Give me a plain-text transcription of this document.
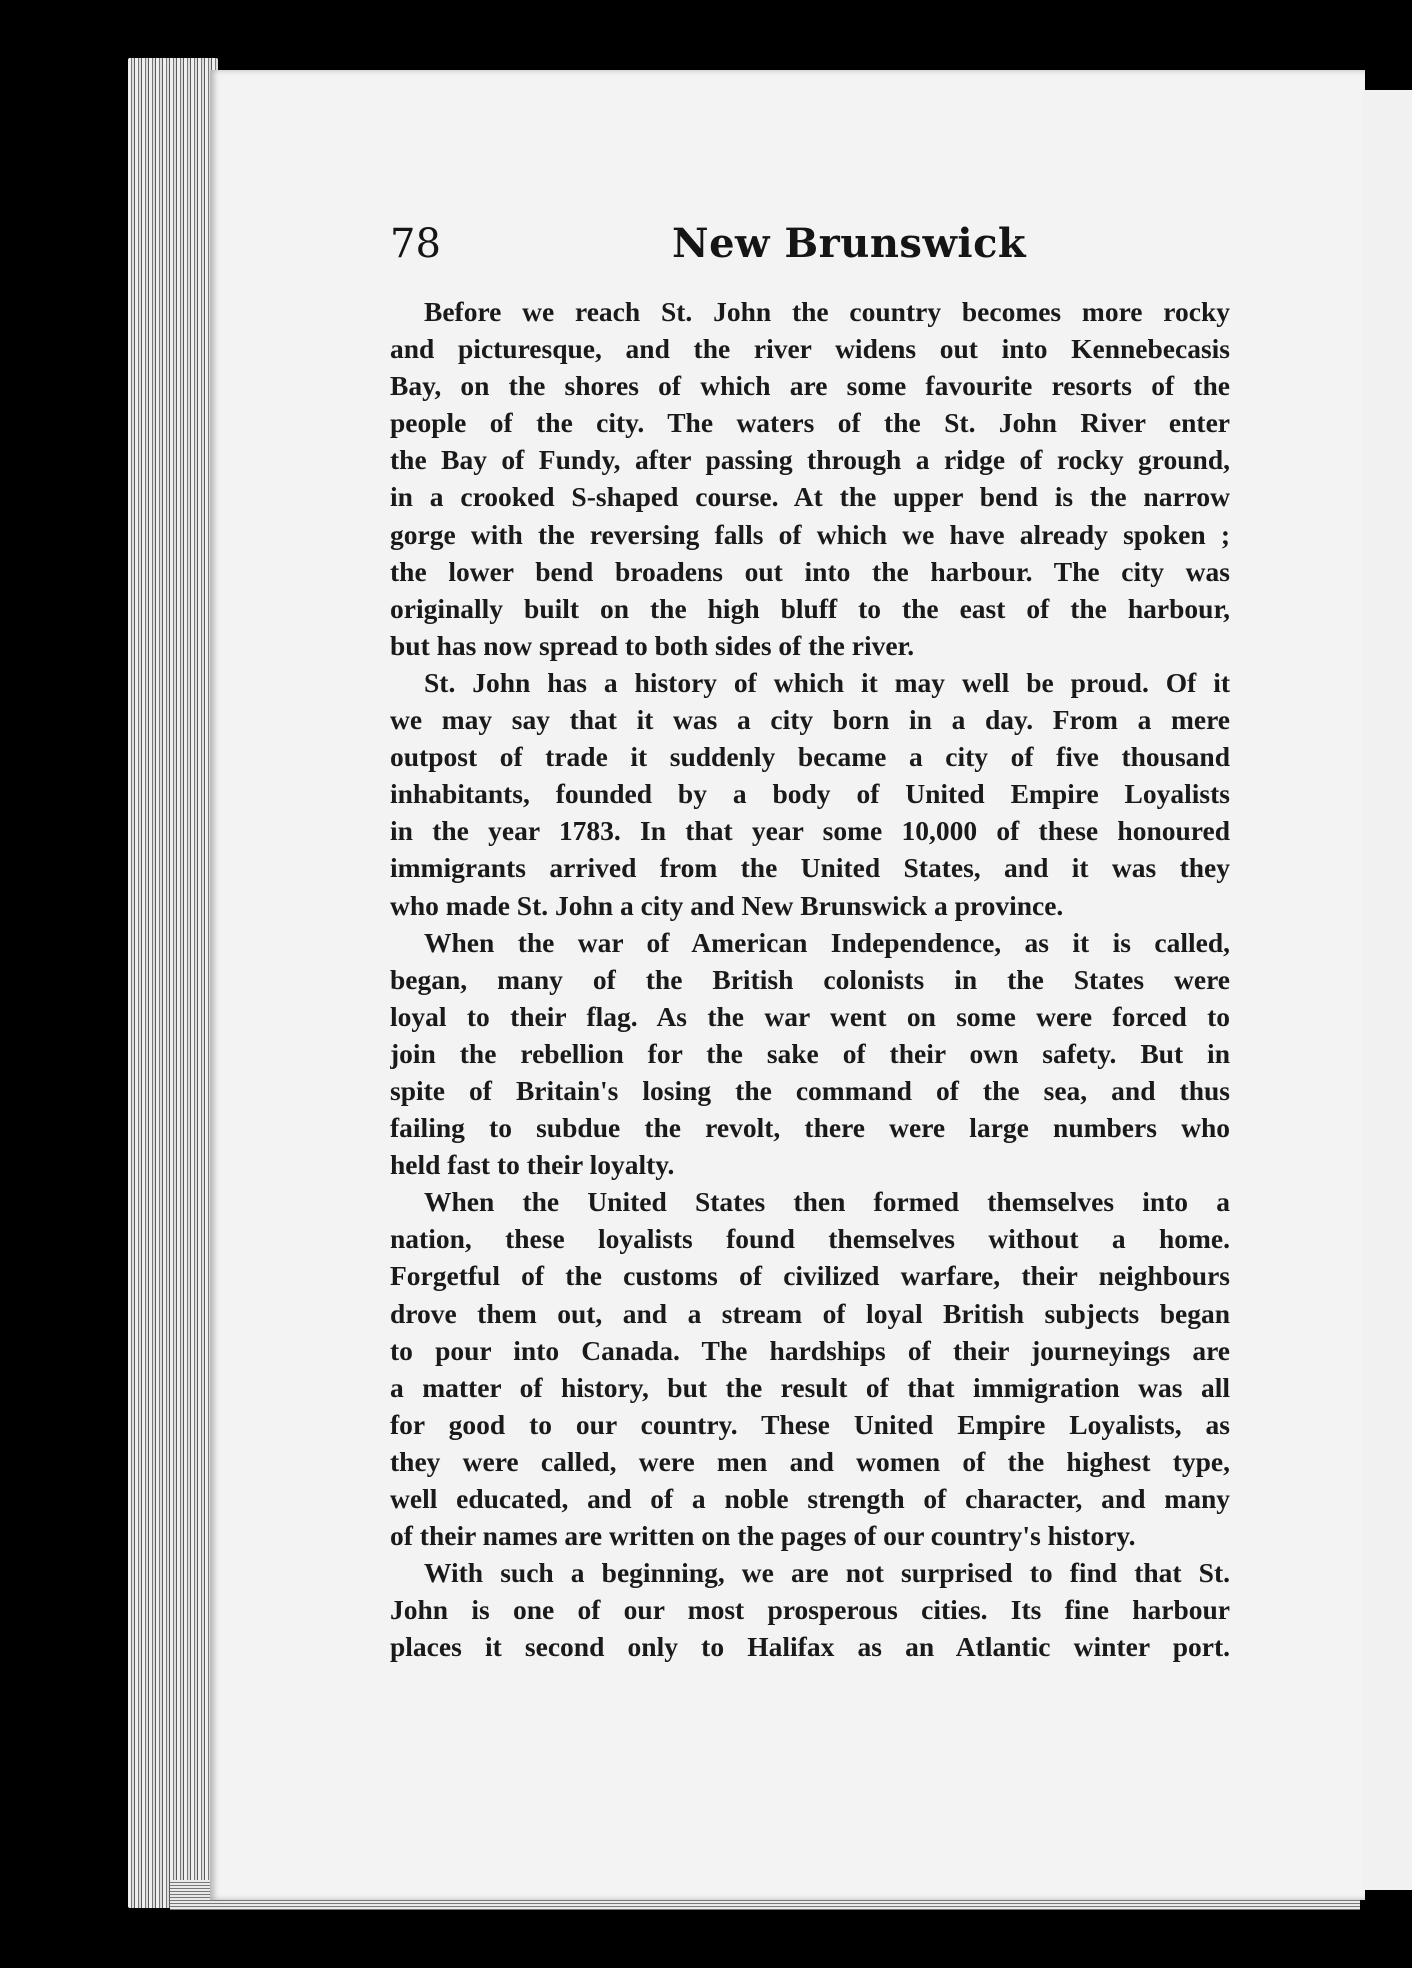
78	New Brunswick
Before we reach St. John the country becomes more rocky
and picturesque, and the river widens out into Kennebecasis
Bay, on the shores of which are some favourite resorts of the
people of the city. The waters of the St. John River enter
the Bay of Fundy, after passing through a ridge of rocky ground,
in a crooked S-shaped course. At the upper bend is the narrow
gorge with the reversing falls of which we have already spoken ;
the lower bend broadens out into the harbour. The city was
originally built on the high bluff to the east of the harbour,
but has now spread to both sides of the river.
St. John has a history of which it may well be proud. Of it
we may say that it was a city born in a day. From a mere
outpost of trade it suddenly became a city of five thousand
inhabitants, founded by a body of United Empire Loyalists
in the year 1783. In that year some 10,000 of these honoured
immigrants arrived from the United States, and it was they
who made St. John a city and New Brunswick a province.
When the war of American Independence, as it is called,
began, many of the British colonists in the States were
loyal to their flag. As the war went on some were forced to
join the rebellion for the sake of their own safety. But in
spite of Britain's losing the command of the sea, and thus
failing to subdue the revolt, there were large numbers who
held fast to their loyalty.
When the United States then formed themselves into a
nation, these loyalists found themselves without a home.
Forgetful of the customs of civilized warfare, their neighbours
drove them out, and a stream of loyal British subjects began
to pour into Canada. The hardships of their journeyings are
a matter of history, but the result of that immigration was all
for good to our country. These United Empire Loyalists, as
they were called, were men and women of the highest type,
well educated, and of a noble strength of character, and many
of their names are written on the pages of our country's history.
With such a beginning, we are not surprised to find that St.
John is one of our most prosperous cities. Its fine harbour
places it second only to Halifax as an Atlantic winter port.
